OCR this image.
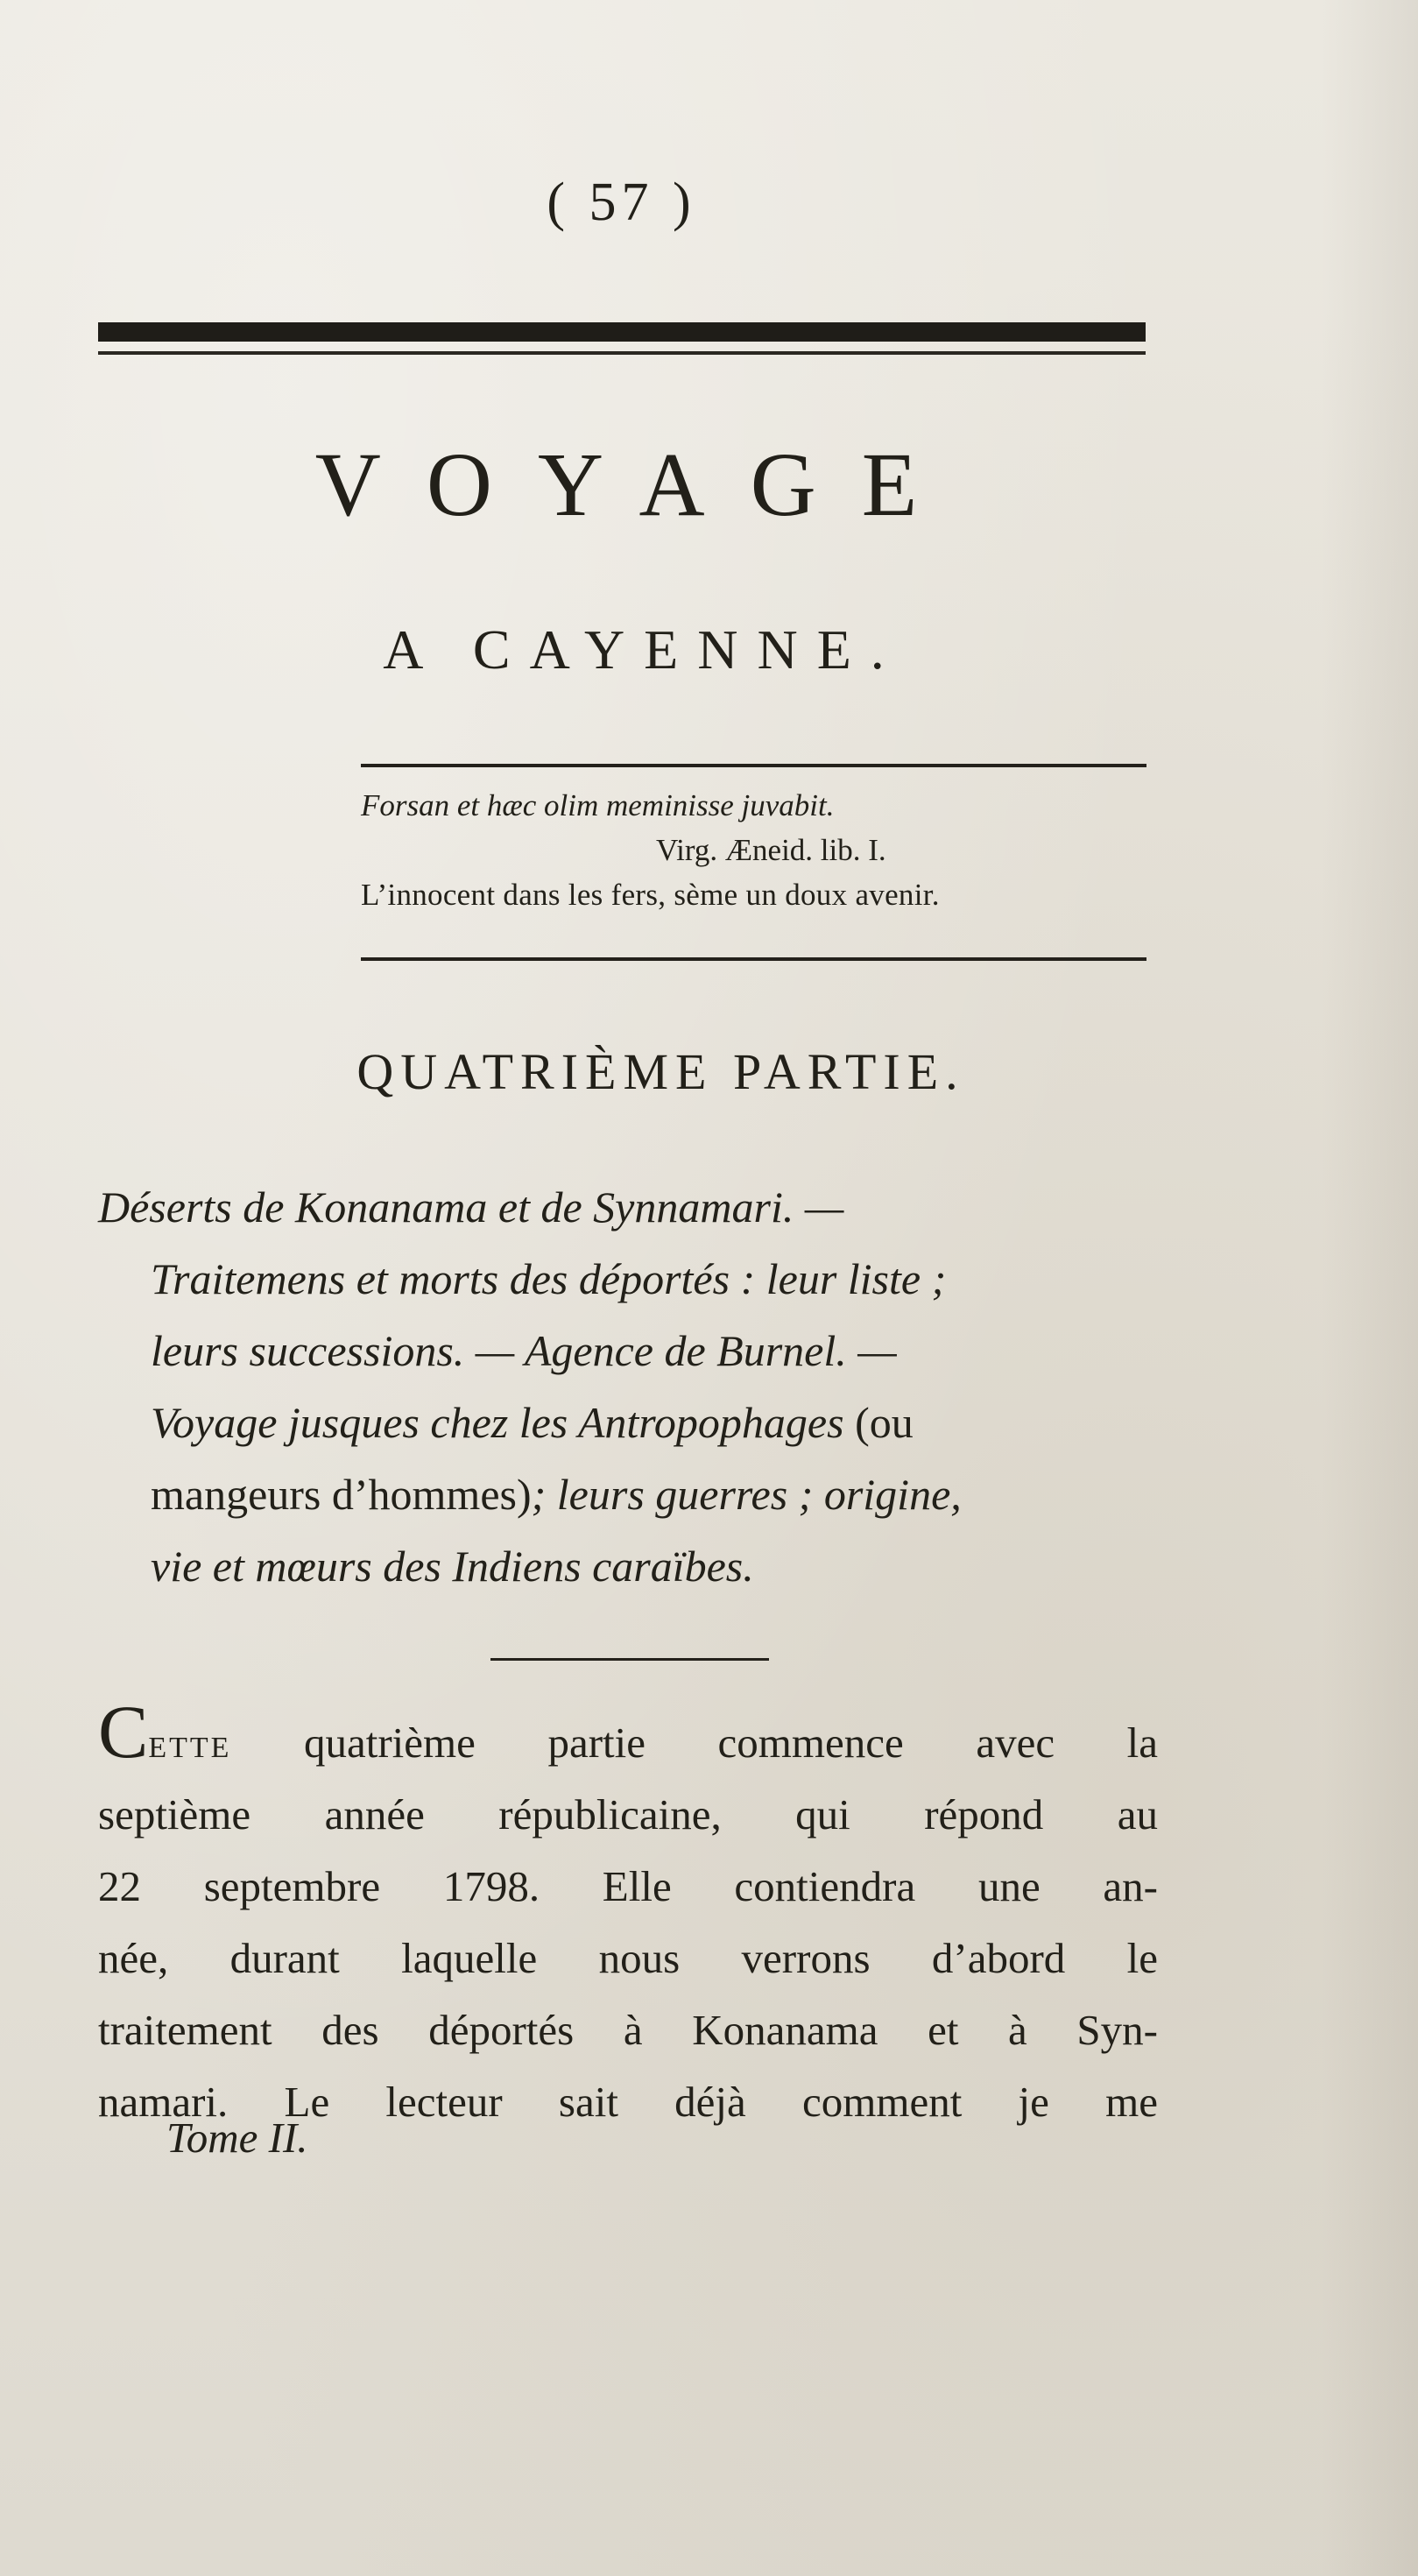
( 57 )
VOYAGE
A CAYENNE.
Forsan et hæc olim meminisse juvabit.
Virg. Æneid. lib. I.
L’innocent dans les fers, sème un doux avenir.
QUATRIÈME PARTIE.
Déserts de Konanama et de Synnamari. —
Traitemens et morts des déportés : leur liste ;
leurs successions. — Agence de Burnel. —
Voyage jusques chez les Antropophages (ou
mangeurs d’hommes); leurs guerres ; origine,
vie et mœurs des Indiens caraïbes.
Cette quatrième partie commence avec la
septième année républicaine, qui répond au
22 septembre 1798. Elle contiendra une an-
née, durant laquelle nous verrons d’abord le
traitement des déportés à Konanama et à Syn-
namari. Le lecteur sait déjà comment je me
Tome II.
